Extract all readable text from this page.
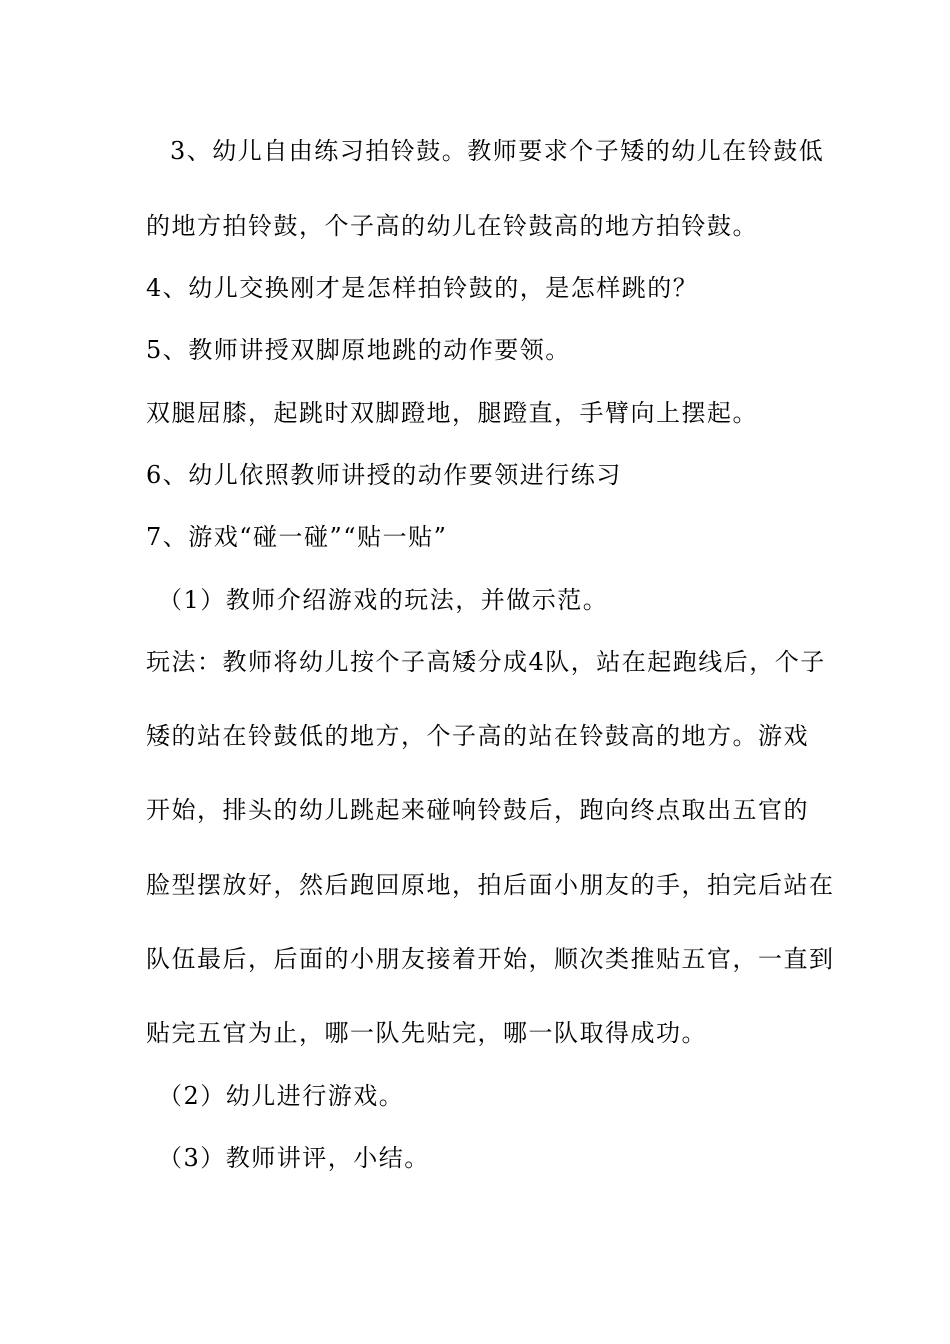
3、幼儿自由练习拍铃鼓。教师要求个子矮的幼儿在铃鼓低
的地方拍铃鼓，个子高的幼儿在铃鼓高的地方拍铃鼓。
4、幼儿交换刚才是怎样拍铃鼓的，是怎样跳的？
5、教师讲授双脚原地跳的动作要领。
双腿屈膝，起跳时双脚蹬地，腿蹬直，手臂向上摆起。
6、幼儿依照教师讲授的动作要领进行练习
7、游戏“碰一碰”“贴一贴”
（1）教师介绍游戏的玩法，并做示范。
玩法：教师将幼儿按个子高矮分成4队，站在起跑线后，个子
矮的站在铃鼓低的地方，个子高的站在铃鼓高的地方。游戏
开始，排头的幼儿跳起来碰响铃鼓后，跑向终点取出五官的
脸型摆放好，然后跑回原地，拍后面小朋友的手，拍完后站在
队伍最后，后面的小朋友接着开始，顺次类推贴五官，一直到
贴完五官为止，哪一队先贴完，哪一队取得成功。
（2）幼儿进行游戏。
（3）教师讲评，小结。
